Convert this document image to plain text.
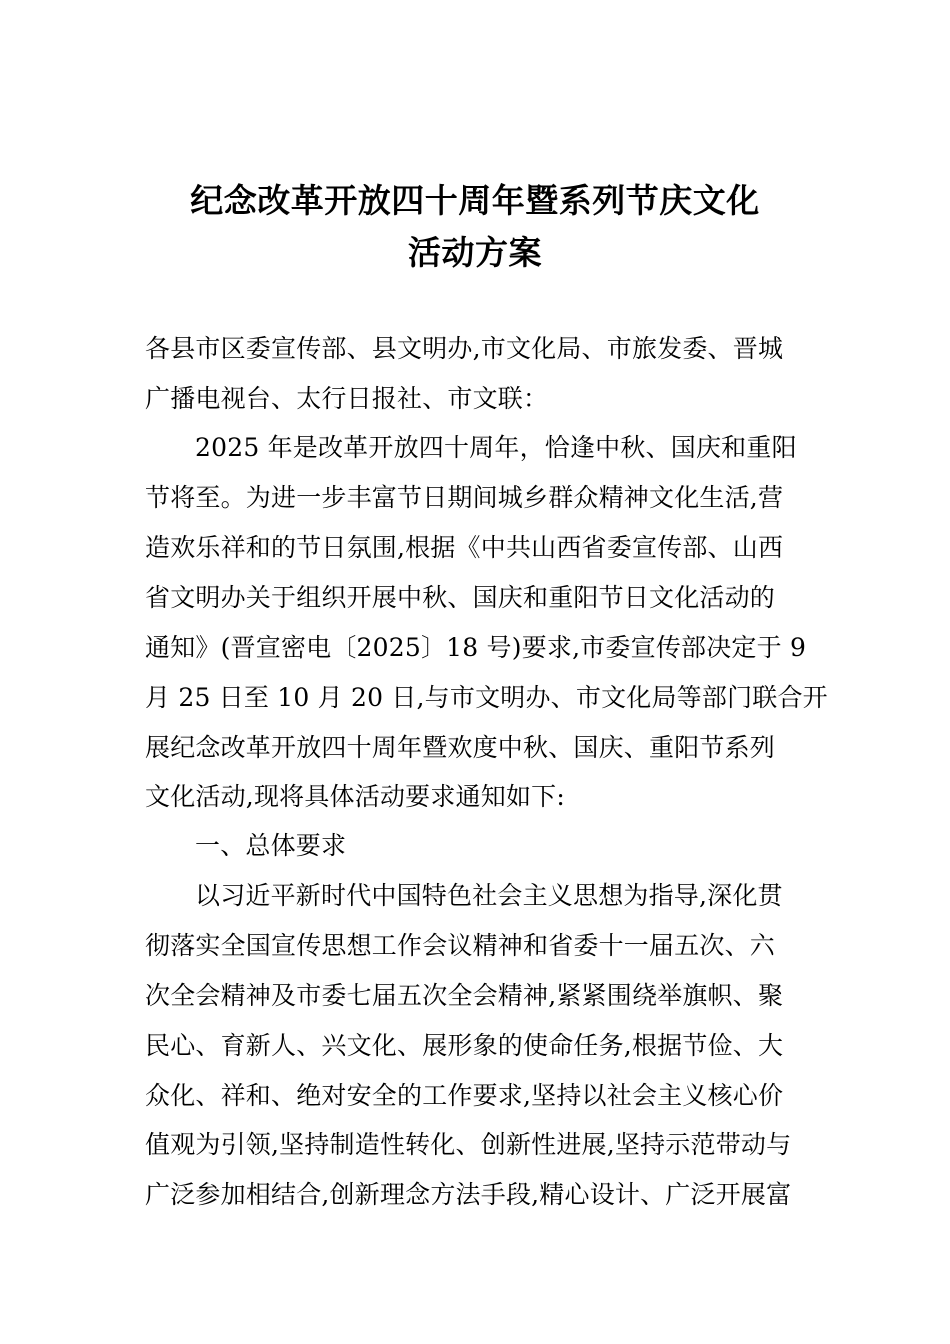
纪念改革开放四十周年暨系列节庆文化
活动方案
各县市区委宣传部、县文明办,市文化局、市旅发委、晋城
广播电视台、太行日报社、市文联：
2025 年是改革开放四十周年，恰逢中秋、国庆和重阳
节将至。为进一步丰富节日期间城乡群众精神文化生活,营
造欢乐祥和的节日氛围,根据《中共山西省委宣传部、山西
省文明办关于组织开展中秋、国庆和重阳节日文化活动的
通知》(晋宣密电〔2025〕18 号)要求,市委宣传部决定于 9
月 25 日至 10 月 20 日,与市文明办、市文化局等部门联合开
展纪念改革开放四十周年暨欢度中秋、国庆、重阳节系列
文化活动,现将具体活动要求通知如下:
一、总体要求
以习近平新时代中国特色社会主义思想为指导,深化贯
彻落实全国宣传思想工作会议精神和省委十一届五次、六
次全会精神及市委七届五次全会精神,紧紧围绕举旗帜、聚
民心、育新人、兴文化、展形象的使命任务,根据节俭、大
众化、祥和、绝对安全的工作要求,坚持以社会主义核心价
值观为引领,坚持制造性转化、创新性进展,坚持示范带动与
广泛参加相结合,创新理念方法手段,精心设计、广泛开展富
